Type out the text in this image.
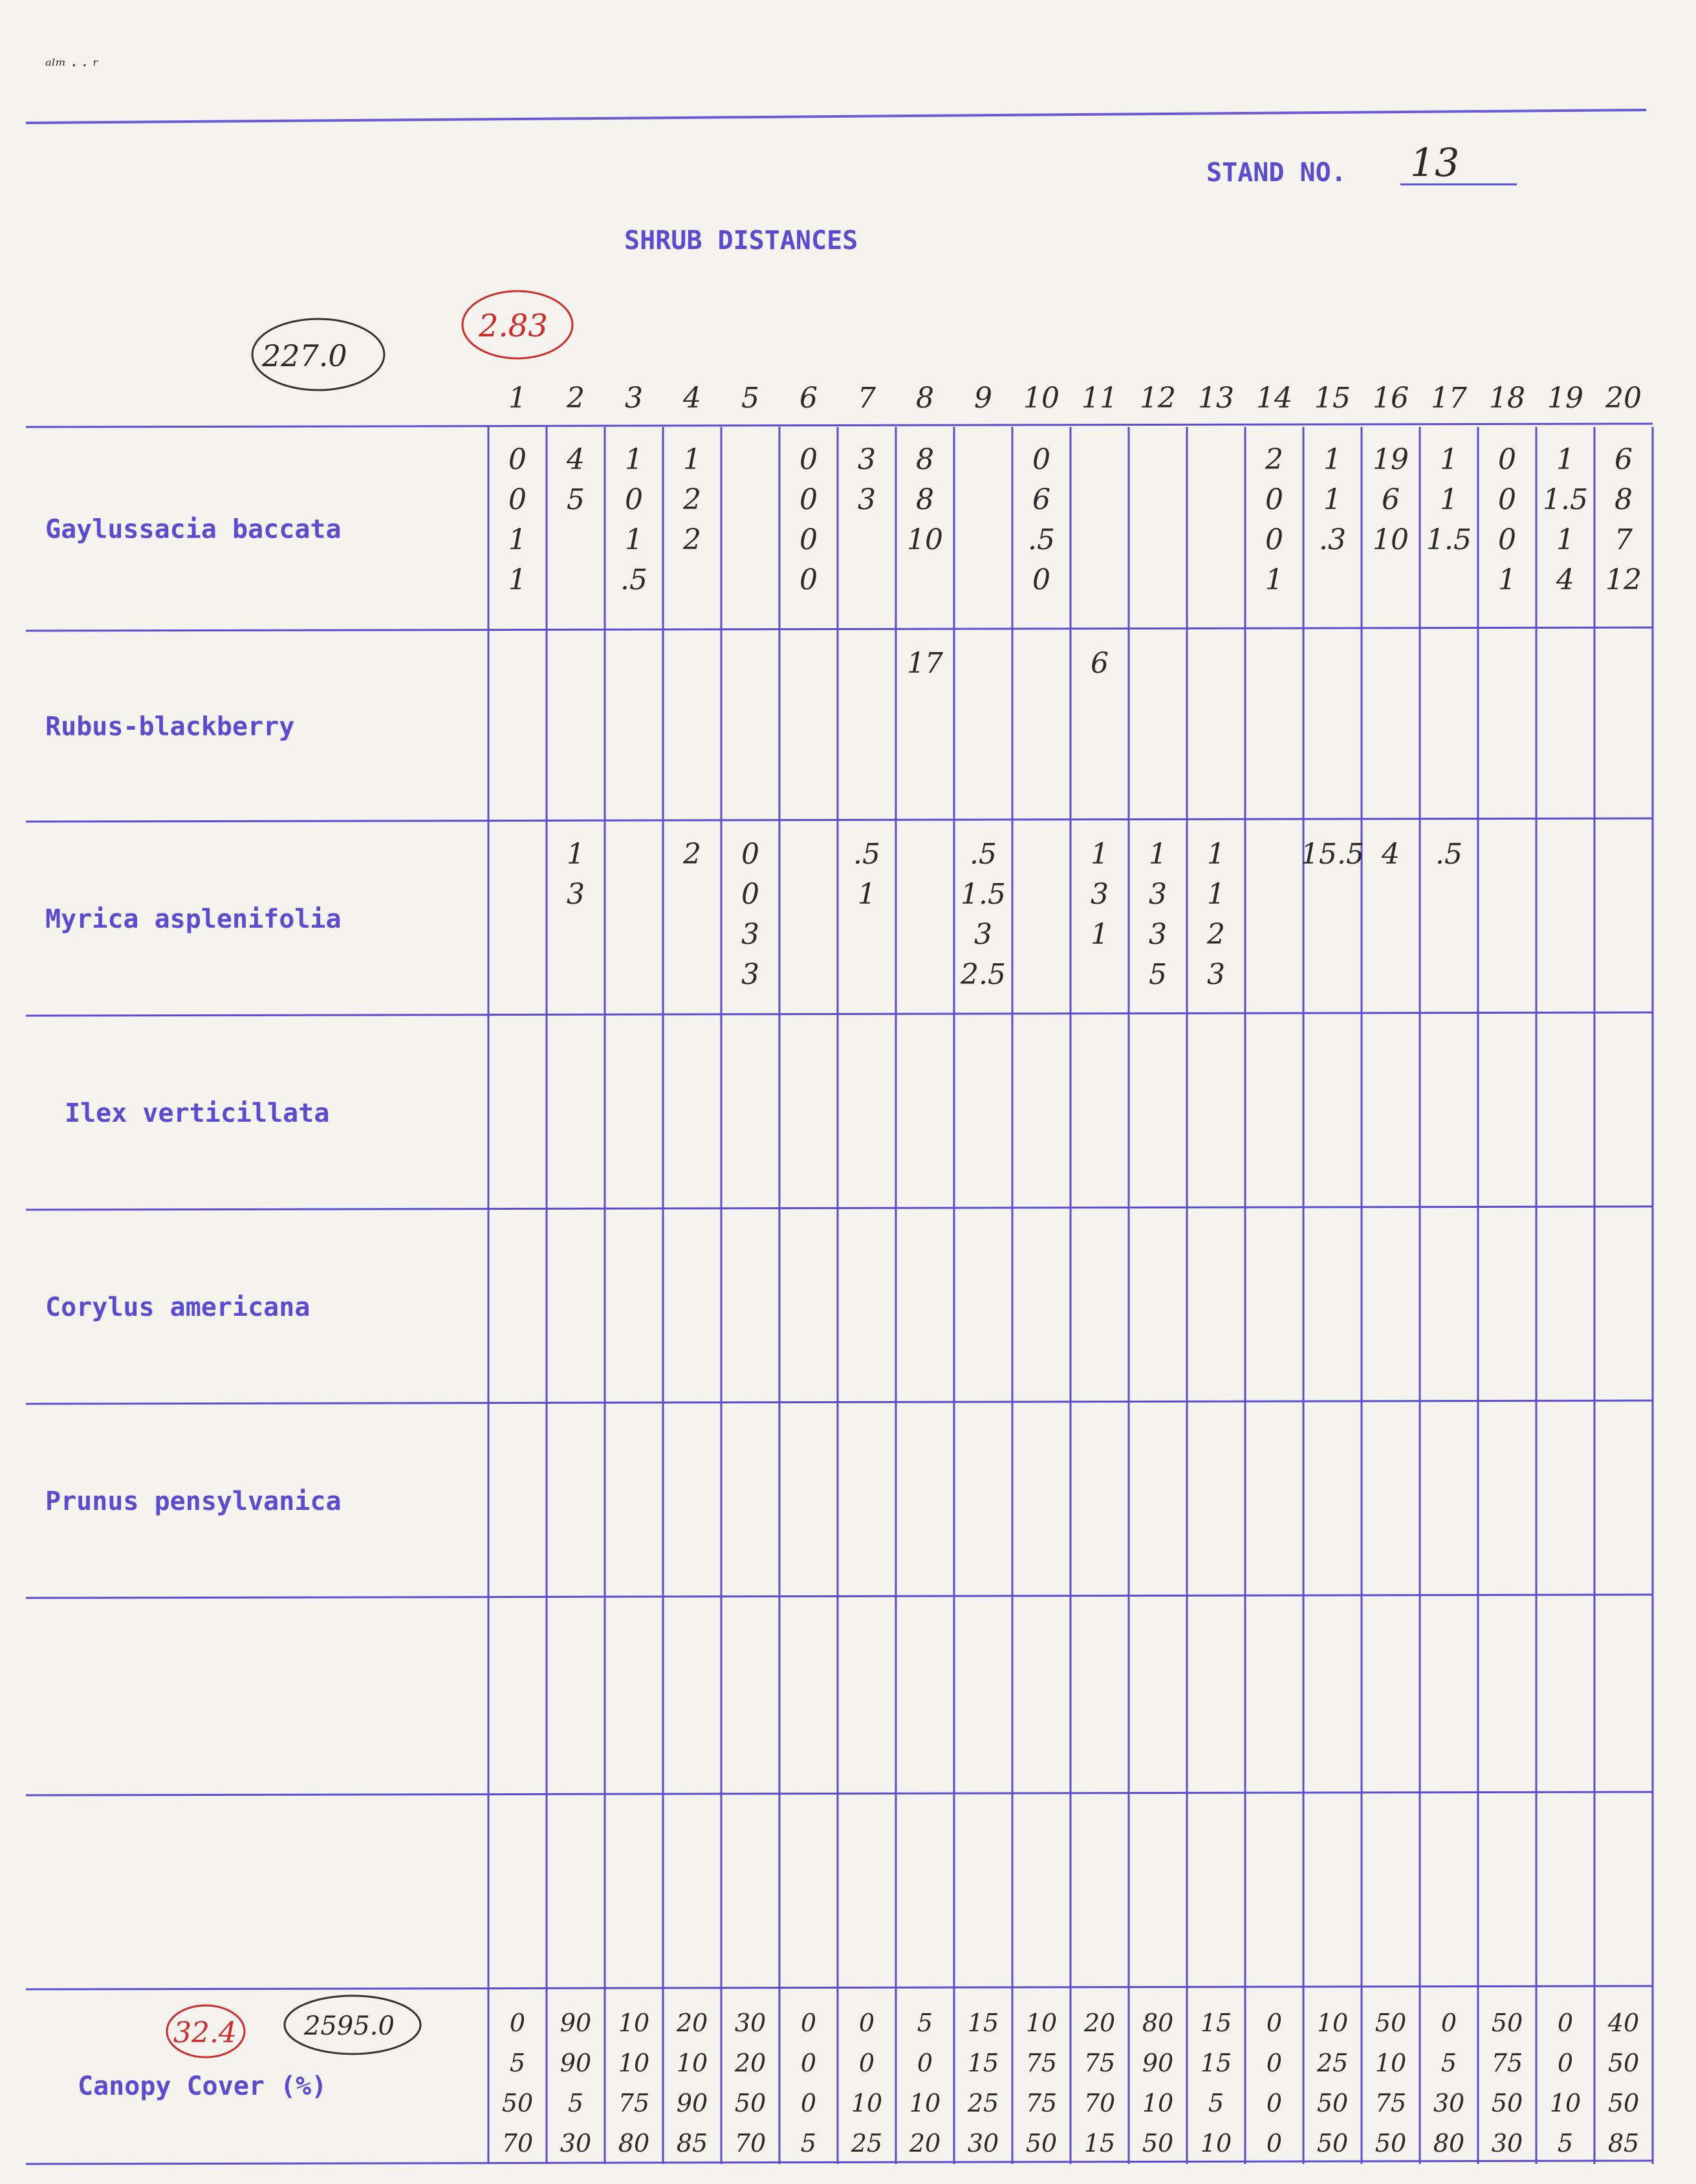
ᵃˡᵐ · · ʳ
STAND NO. 13
SHRUB DISTANCES
227.0
2.83
1 2 3 4 5 6 7 8 9 10 11 12 13 14 15 16 17 18 19 20
Gaylussacia baccata
Rubus-blackberry
Myrica asplenifolia
Ilex verticillata
Corylus americana
Prunus pensylvanica
0
0
1
1
4
5
1
0
1
.5
1
2
2
0
0
0
0
3
3
8
8
10
0
6
.5
0
2
0
0
1
1
1
.3
19
6
10
1
1
1.5
0
0
0
1
1
1.5
1
4
6
8
7
12
17	6
1
3
2 0
0
3
3
.5
1
.5
1.5
3
2.5
1
3
1
1
3
3
5
1
1
2
3
15.5 4 .5
0
5
50
70
90
90
5
30
10
10
75
80
20
10
90
85
30
20
50
70
0
0
0
5
0
0
10
25
5
0
10
20
15
15
25
30
10
75
75
50
20
75
70
15
80
90
10
50
15
15
5
10
0
0
0
0
10
25
50
50
50
10
75
50
0
5
30
80
50
75
50
30
0
0
10
5
40
50
50
85
32.4	2595.0
Canopy Cover (%)
